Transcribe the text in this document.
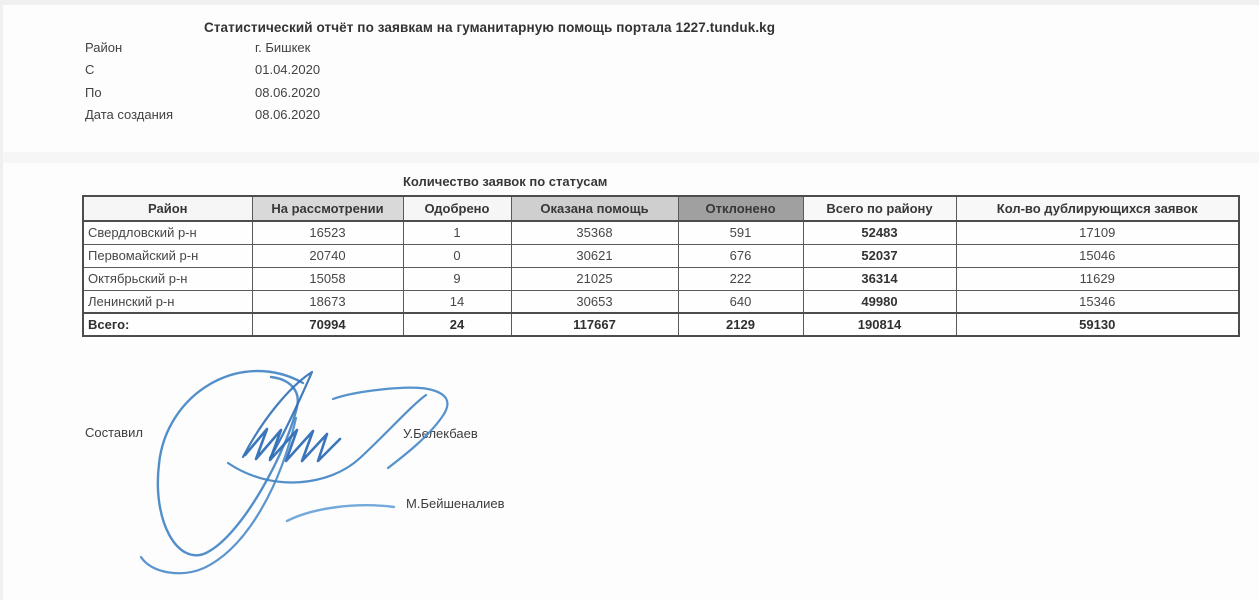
Статистический отчёт по заявкам на гуманитарную помощь портала 1227.tunduk.kg
Район	г. Бишкек
С	01.04.2020
По	08.06.2020
Дата создания	08.06.2020
Количество заявок по статусам
Район	На рассмотрении	Одобрено	Оказана помощь	Отклонено	Всего по району	Кол-во дублирующихся заявок
Свердловский р-н	16523	1	35368	591	52483	17109
Первомайский р-н	20740	0	30621	676	52037	15046
Октябрьский р-н	15058	9	21025	222	36314	11629
Ленинский р-н	18673	14	30653	640	49980	15346
Всего:	70994	24	117667	2129	190814	59130
Составил	У.Белекбаев
М.Бейшеналиев
